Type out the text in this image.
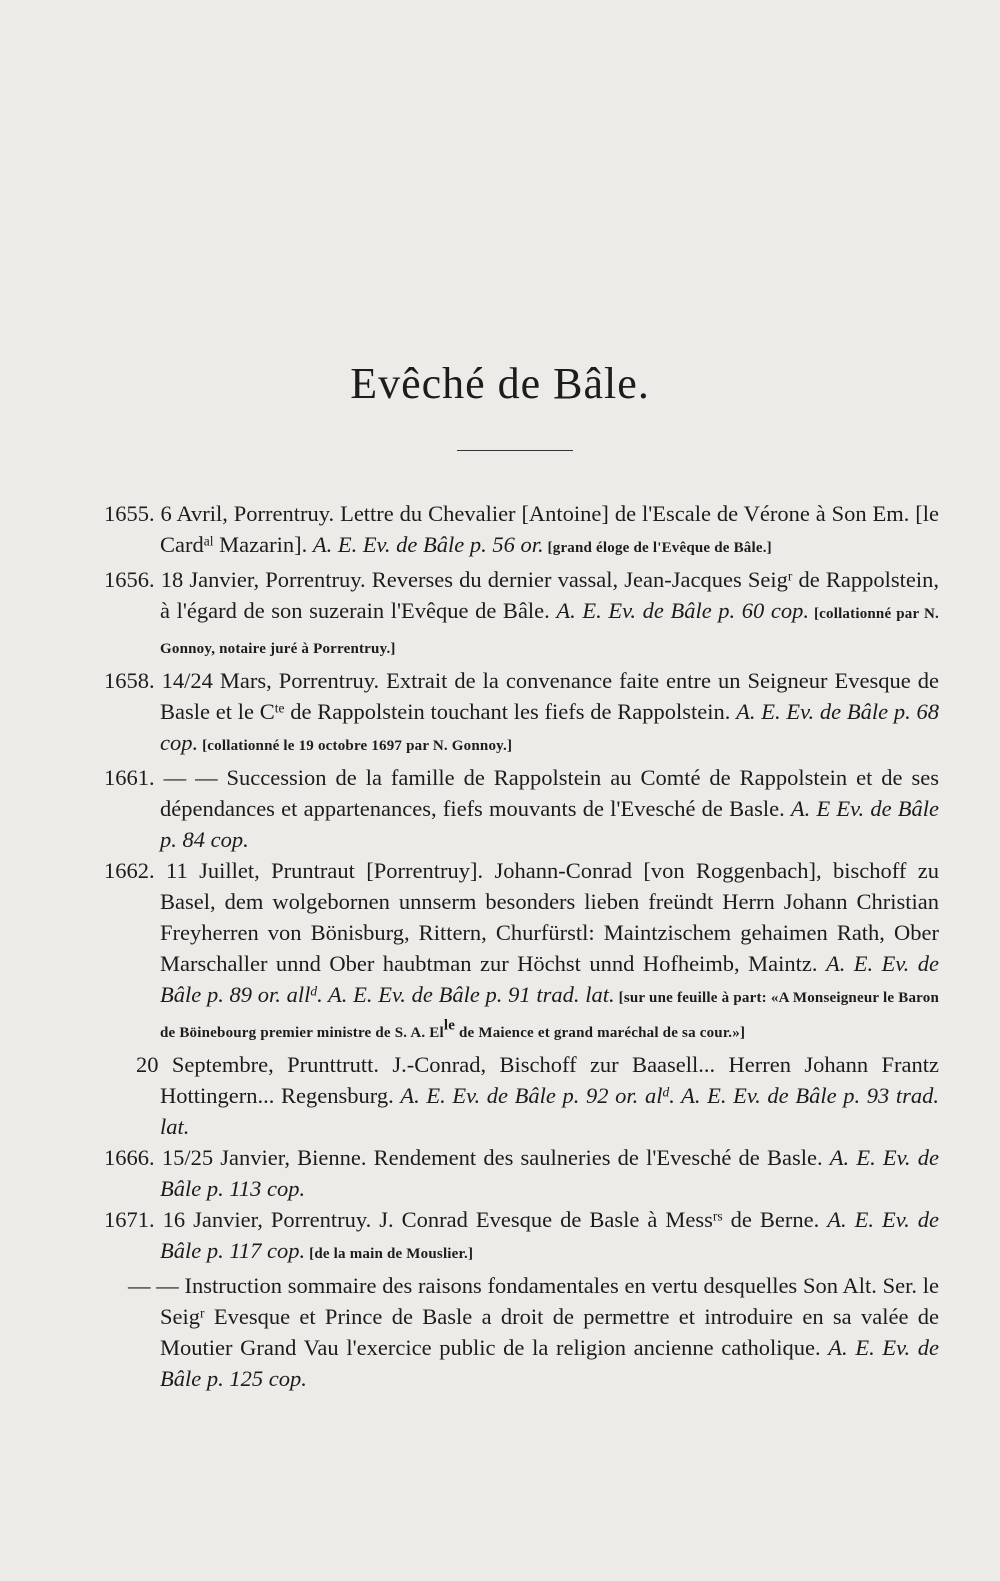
Evêché de Bâle.

1655. 6 Avril, Porrentruy. Lettre du Chevalier [Antoine] de l'Escale de Vérone à Son Em. [le Card$^{al}$ Mazarin]. A. E. Ev. de Bâle p. 56 or. [grand éloge de l'Evêque de Bâle.]

1656. 18 Janvier, Porrentruy. Reverses du dernier vassal, Jean-Jacques Seig$^r$ de Rappolstein, à l'égard de son suzerain l'Evêque de Bâle. A. E. Ev. de Bâle p. 60 cop. [collationné par N. Gonnoy, notaire juré à Porrentruy.]

1658. 14/24 Mars, Porrentruy. Extrait de la convenance faite entre un Seigneur Evesque de Basle et le $C^{te}$ de Rappolstein touchant les fiefs de Rappolstein. A. E. Ev. de Bâle p. 68 cop. [collationné le 19 octobre 1697 par N. Gonnoy.]

1661. — — Succession de la famille de Rappolstein au Comté de Rappolstein et de ses dépendances et appartenances, fiefs mouvants de l'Evesché de Basle. A. E Ev. de Bâle p. 84 cop.

1662. 11 Juillet, Pruntraut [Porrentruy]. Johann-Conrad [von Roggenbach], bischoff zu Basel, dem wolgebornen unnserm besonders lieben freündt Herrn Johann Christian Freyherren von Bönisburg, Rittern, Churfürstl: Maintzischem gehaimen Rath, Ober Marschaller unnd Ober haubtman zur Höchst unnd Hofheimb, Maintz. A. E. Ev. de Bâle p. 89 or. all$^d$. A. E. Ev. de Bâle p. 91 trad. lat. [sur une feuille à part: «A Monseigneur le Baron de Böinebourg premier ministre de S. A. El$^{le}$ de Maience et grand maréchal de sa cour.»]

20 Septembre, Prunttrutt. J.-Conrad, Bischoff zur Baasell... Herren Johann Frantz Hottingern... Regensburg. A. E. Ev. de Bâle p. 92 or. al$^d$. A. E. Ev. de Bâle p. 93 trad. lat.

1666. 15/25 Janvier, Bienne. Rendement des saulneries de l'Evesché de Basle. A. E. Ev. de Bâle p. 113 cop.

1671. 16 Janvier, Porrentruy. J. Conrad Evesque de Basle à Mess$^{rs}$ de Berne. A. E. Ev. de Bâle p. 117 cop. [de la main de Mouslier.]

— — Instruction sommaire des raisons fondamentales en vertu desquelles Son Alt. Ser. le Seig$^r$ Evesque et Prince de Basle a droit de permettre et introduire en sa valée de Moutier Grand Vau l'exercice public de la religion ancienne catholique. A. E. Ev. de Bâle p. 125 cop.
